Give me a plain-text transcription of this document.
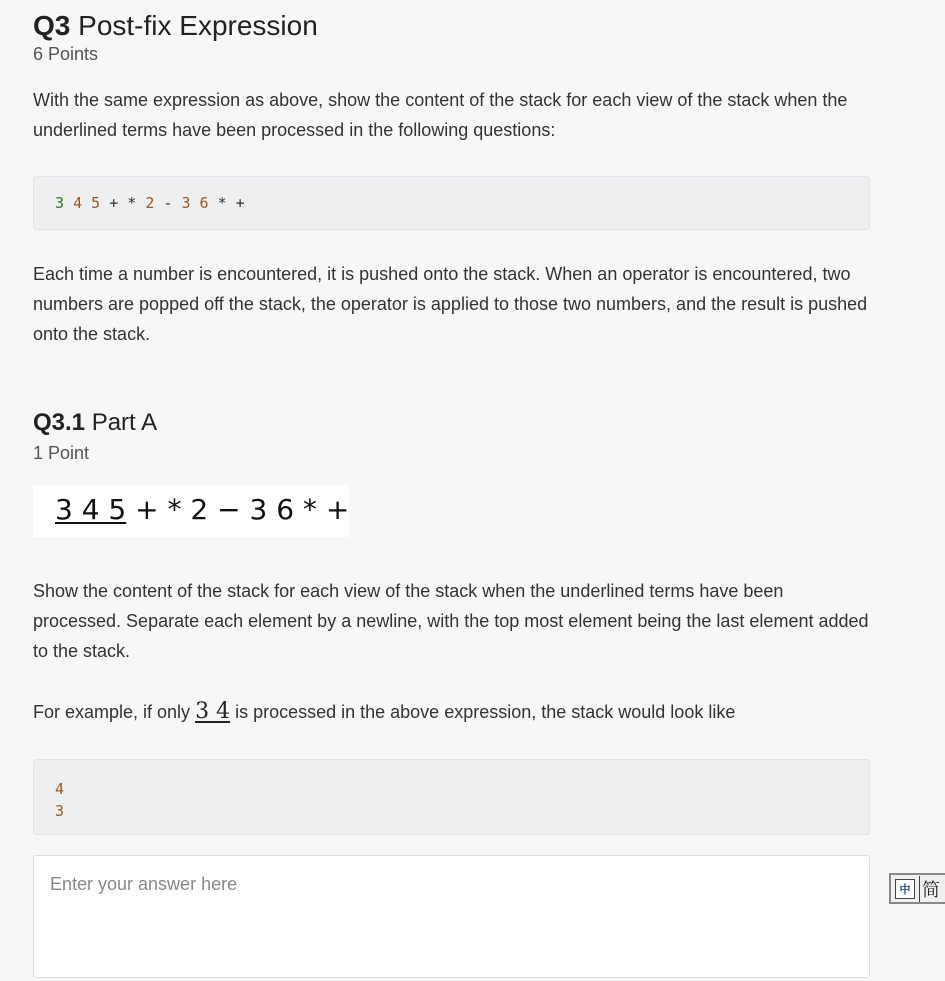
Q3 Post-fix Expression
6 Points
With the same expression as above, show the content of the stack for each view of the stack when the underlined terms have been processed in the following questions:
3 4 5 + * 2 - 3 6 * +
Each time a number is encountered, it is pushed onto the stack. When an operator is encountered, two numbers are popped off the stack, the operator is applied to those two numbers, and the result is pushed onto the stack.
Q3.1 Part A
1 Point
3 4 5 + * 2 − 3 6 * +
Show the content of the stack for each view of the stack when the underlined terms have been processed. Separate each element by a newline, with the top most element being the last element added to the stack.
For example, if only 3 4 is processed in the above expression, the stack would look like
4
3
Enter your answer here
中 简
